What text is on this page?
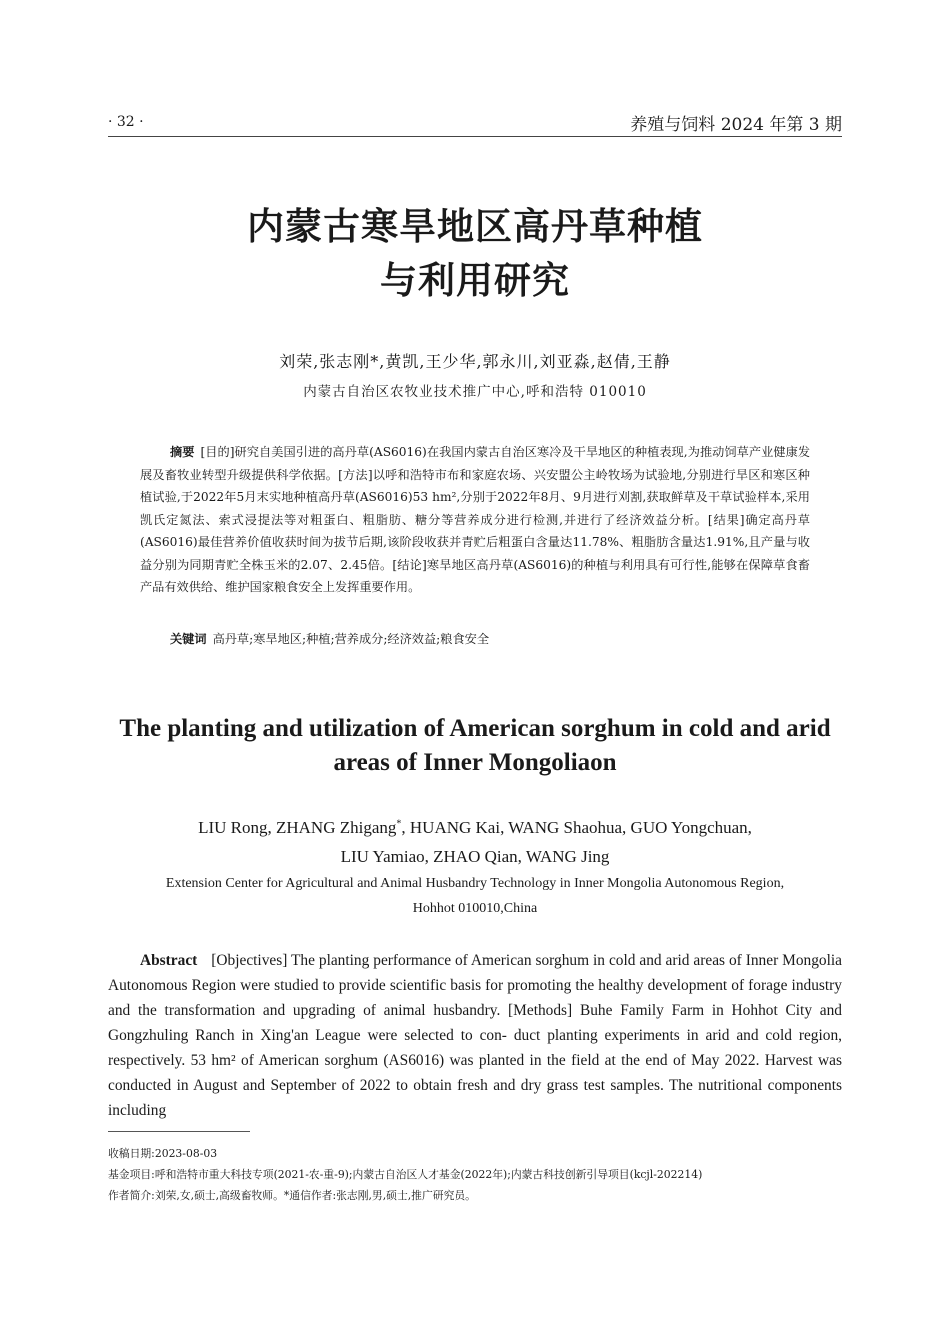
· 32 ·	养殖与饲料 2024 年第 3 期
内蒙古寒旱地区高丹草种植
与利用研究
刘荣,张志刚*,黄凯,王少华,郭永川,刘亚淼,赵倩,王静
内蒙古自治区农牧业技术推广中心,呼和浩特 010010
摘要 [目的]研究自美国引进的高丹草(AS6016)在我国内蒙古自治区寒冷及干旱地区的种植表现,为推动饲草产业健康发展及畜牧业转型升级提供科学依据。[方法]以呼和浩特市布和家庭农场、兴安盟公主岭牧场为试验地,分别进行旱区和寒区种植试验,于2022年5月末实地种植高丹草(AS6016)53 hm²,分别于2022年8月、9月进行刈割,获取鲜草及干草试验样本,采用凯氏定氮法、索式浸提法等对粗蛋白、粗脂肪、糖分等营养成分进行检测,并进行了经济效益分析。[结果]确定高丹草(AS6016)最佳营养价值收获时间为拔节后期,该阶段收获并青贮后粗蛋白含量达11.78%、粗脂肪含量达1.91%,且产量与收益分别为同期青贮全株玉米的2.07、2.45倍。[结论]寒旱地区高丹草(AS6016)的种植与利用具有可行性,能够在保障草食畜产品有效供给、维护国家粮食安全上发挥重要作用。
关键词 高丹草;寒旱地区;种植;营养成分;经济效益;粮食安全
The planting and utilization of American sorghum in cold and arid
areas of Inner Mongoliaon
LIU Rong, ZHANG Zhigang*, HUANG Kai, WANG Shaohua, GUO Yongchuan,
LIU Yamiao, ZHAO Qian, WANG Jing
Extension Center for Agricultural and Animal Husbandry Technology in Inner Mongolia Autonomous Region,
Hohhot 010010,China
Abstract [Objectives] The planting performance of American sorghum in cold and arid areas of Inner Mongolia Autonomous Region were studied to provide scientific basis for promoting the healthy development of forage industry and the transformation and upgrading of animal husbandry. [Methods] Buhe Family Farm in Hohhot City and Gongzhuling Ranch in Xing'an League were selected to con- duct planting experiments in arid and cold region, respectively. 53 hm² of American sorghum (AS6016) was planted in the field at the end of May 2022. Harvest was conducted in August and September of 2022 to obtain fresh and dry grass test samples. The nutritional components including
收稿日期:2023-08-03
基金项目:呼和浩特市重大科技专项(2021-农-重-9);内蒙古自治区人才基金(2022年);内蒙古科技创新引导项目(kcjl-202214)
作者简介:刘荣,女,硕士,高级畜牧师。*通信作者:张志刚,男,硕士,推广研究员。
